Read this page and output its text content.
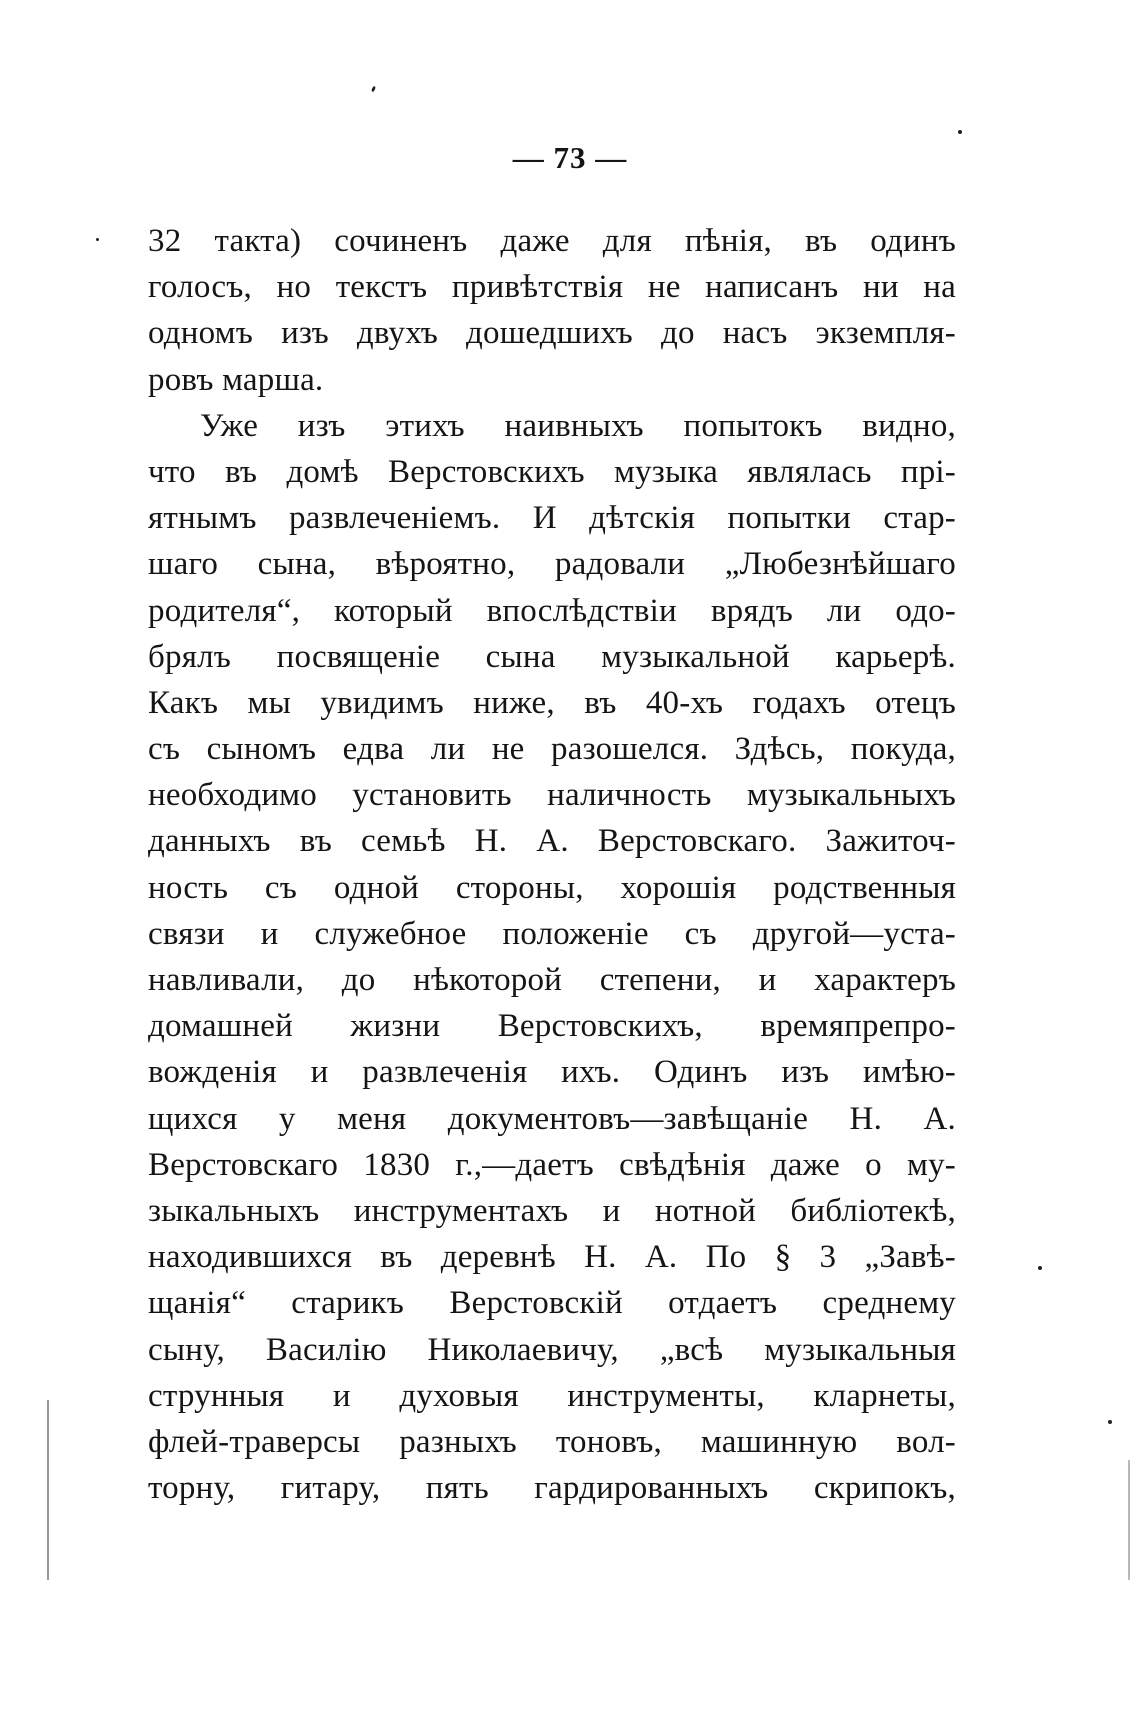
— 73 —
32 такта) сочиненъ даже для пѣнія, въ одинъ
голосъ, но текстъ привѣтствія не написанъ ни на
одномъ изъ двухъ дошедшихъ до насъ экземпля-
ровъ марша.
Уже изъ этихъ наивныхъ попытокъ видно,
что въ домѣ Верстовскихъ музыка являлась прі-
ятнымъ развлеченіемъ. И дѣтскія попытки стар-
шаго сына, вѣроятно, радовали „Любезнѣйшаго
родителя“, который впослѣдствіи врядъ ли одо-
брялъ посвященіе сына музыкальной карьерѣ.
Какъ мы увидимъ ниже, въ 40-хъ годахъ отецъ
съ сыномъ едва ли не разошелся. Здѣсь, покуда,
необходимо установить наличность музыкальныхъ
данныхъ въ семьѣ Н. А. Верстовскаго. Зажиточ-
ность съ одной стороны, хорошія родственныя
связи и служебное положеніе съ другой—уста-
навливали, до нѣкоторой степени, и характеръ
домашней жизни Верстовскихъ, времяпрепро-
вожденія и развлеченія ихъ. Одинъ изъ имѣю-
щихся у меня документовъ—завѣщаніе Н. А.
Верстовскаго 1830 г.,—даетъ свѣдѣнія даже о му-
зыкальныхъ инструментахъ и нотной библіотекѣ,
находившихся въ деревнѣ Н. А. По § 3 „Завѣ-
щанія“ старикъ Верстовскій отдаетъ среднему
сыну, Василію Николаевичу, „всѣ музыкальныя
струнныя и духовыя инструменты, кларнеты,
флей-траверсы разныхъ тоновъ, машинную вол-
торну, гитару, пять гардированныхъ скрипокъ,
